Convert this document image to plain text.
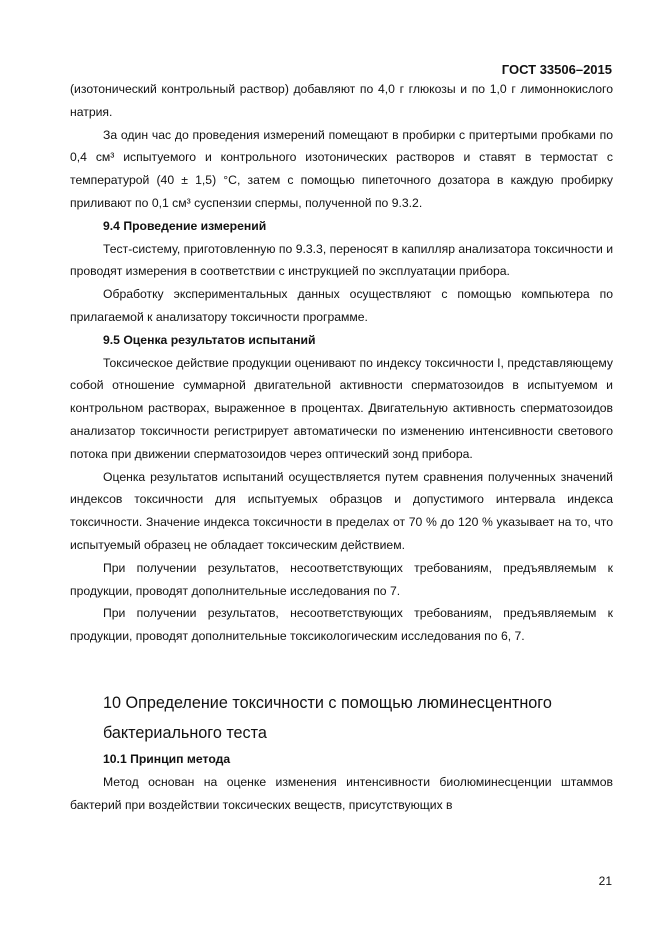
ГОСТ 33506–2015

(изотонический контрольный раствор) добавляют по 4,0 г глюкозы и по 1,0 г лимоннокислого натрия.

За один час до проведения измерений помещают в пробирки с притертыми пробками по 0,4 см³ испытуемого и контрольного изотонических растворов и ставят в термостат с температурой (40 ± 1,5) °С, затем с помощью пипеточного дозатора в каждую пробирку приливают по 0,1 см³ суспензии спермы, полученной по 9.3.2.

9.4 Проведение измерений

Тест-систему, приготовленную по 9.3.3, переносят в капилляр анализатора токсичности и проводят измерения в соответствии с инструкцией по эксплуатации прибора.

Обработку экспериментальных данных осуществляют с помощью компьютера по прилагаемой к анализатору токсичности программе.

9.5 Оценка результатов испытаний

Токсическое действие продукции оценивают по индексу токсичности I, представляющему собой отношение суммарной двигательной активности сперматозоидов в испытуемом и контрольном растворах, выраженное в процентах. Двигательную активность сперматозоидов анализатор токсичности регистрирует автоматически по изменению интенсивности светового потока при движении сперматозоидов через оптический зонд прибора.

Оценка результатов испытаний осуществляется путем сравнения полученных значений индексов токсичности для испытуемых образцов и допустимого интервала индекса токсичности. Значение индекса токсичности в пределах от 70 % до 120 % указывает на то, что испытуемый образец не обладает токсическим действием.

При получении результатов, несоответствующих требованиям, предъявляемым к продукции, проводят дополнительные исследования по 7.

При получении результатов, несоответствующих требованиям, предъявляемым к продукции, проводят дополнительные токсикологическим исследования по 6, 7.

10 Определение токсичности с помощью люминесцентного бактериального теста
10.1 Принцип метода

Метод основан на оценке изменения интенсивности биолюминесценции штаммов бактерий при воздействии токсических веществ, присутствующих в

21
